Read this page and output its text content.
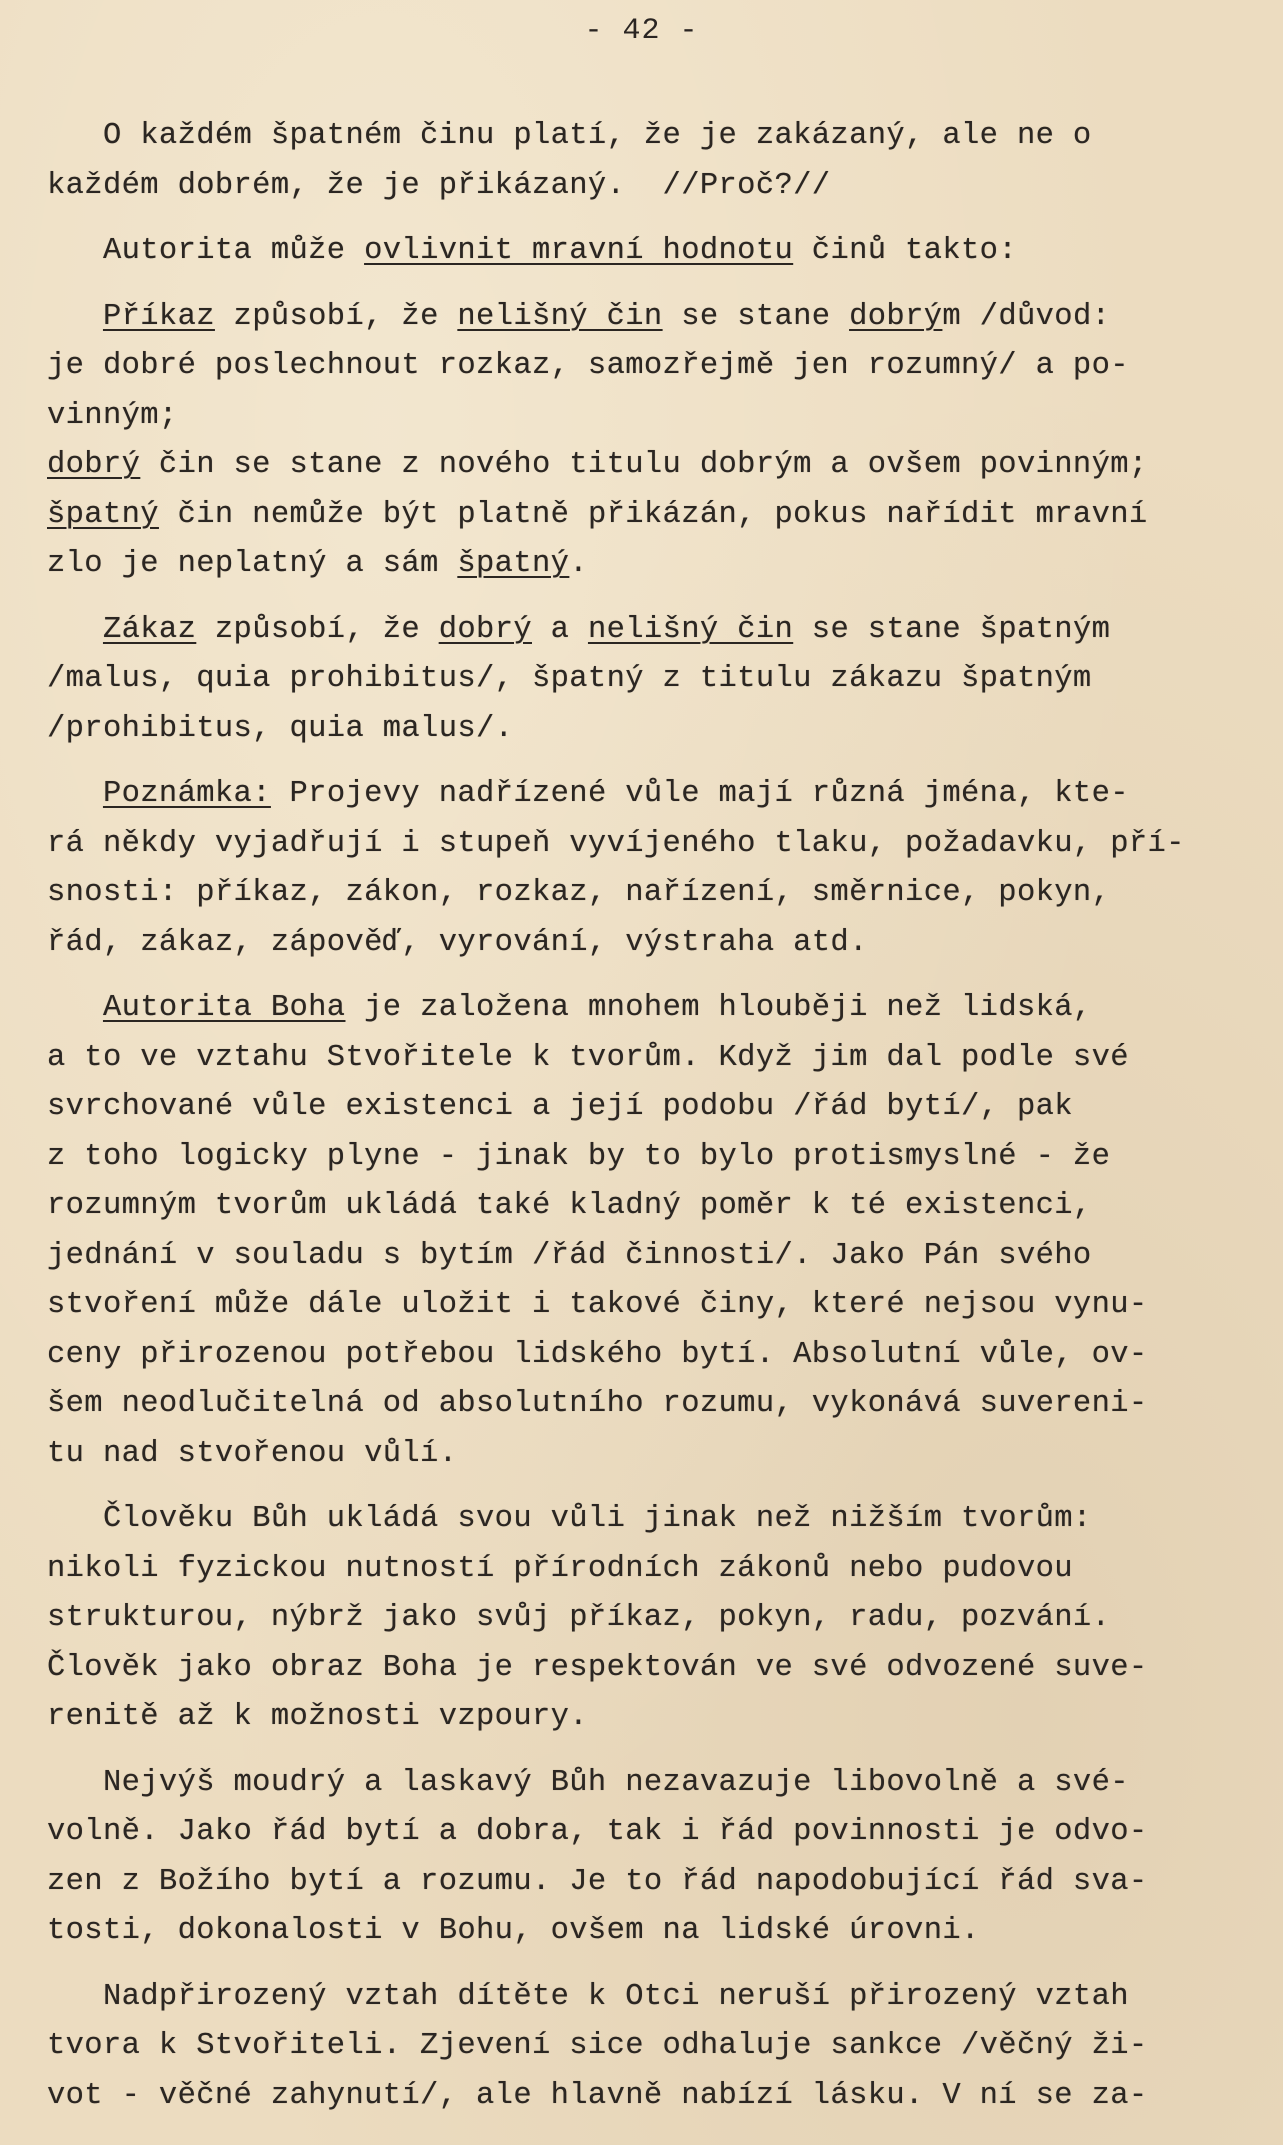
- 42 -
O každém špatném činu platí, že je zakázaný, ale ne o
každém dobrém, že je přikázaný.  //Proč?//
Autorita může ovlivnit mravní hodnotu činů takto:
Příkaz způsobí, že nelišný čin se stane dobrým /důvod:
je dobré poslechnout rozkaz, samozřejmě jen rozumný/ a po-
vinným;
dobrý čin se stane z nového titulu dobrým a ovšem povinným;
špatný čin nemůže být platně přikázán, pokus nařídit mravní
zlo je neplatný a sám špatný.
Zákaz způsobí, že dobrý a nelišný čin se stane špatným
/malus, quia prohibitus/, špatný z titulu zákazu špatným
/prohibitus, quia malus/.
Poznámka: Projevy nadřízené vůle mají různá jména, kte-
rá někdy vyjadřují i stupeň vyvíjeného tlaku, požadavku, pří-
snosti: příkaz, zákon, rozkaz, nařízení, směrnice, pokyn,
řád, zákaz, zápověď, vyrování, výstraha atd.
Autorita Boha je založena mnohem hlouběji než lidská,
a to ve vztahu Stvořitele k tvorům. Když jim dal podle své
svrchované vůle existenci a její podobu /řád bytí/, pak
z toho logicky plyne - jinak by to bylo protismyslné - že
rozumným tvorům ukládá také kladný poměr k té existenci,
jednání v souladu s bytím /řád činnosti/. Jako Pán svého
stvoření může dále uložit i takové činy, které nejsou vynu-
ceny přirozenou potřebou lidského bytí. Absolutní vůle, ov-
šem neodlučitelná od absolutního rozumu, vykonává suvereni-
tu nad stvořenou vůlí.
Člověku Bůh ukládá svou vůli jinak než nižším tvorům:
nikoli fyzickou nutností přírodních zákonů nebo pudovou
strukturou, nýbrž jako svůj příkaz, pokyn, radu, pozvání.
Člověk jako obraz Boha je respektován ve své odvozené suve-
renitě až k možnosti vzpoury.
Nejvýš moudrý a laskavý Bůh nezavazuje libovolně a své-
volně. Jako řád bytí a dobra, tak i řád povinnosti je odvo-
zen z Božího bytí a rozumu. Je to řád napodobující řád sva-
tosti, dokonalosti v Bohu, ovšem na lidské úrovni.
Nadpřirozený vztah dítěte k Otci neruší přirozený vztah
tvora k Stvořiteli. Zjevení sice odhaluje sankce /věčný ži-
vot - věčné zahynutí/, ale hlavně nabízí lásku. V ní se za-
